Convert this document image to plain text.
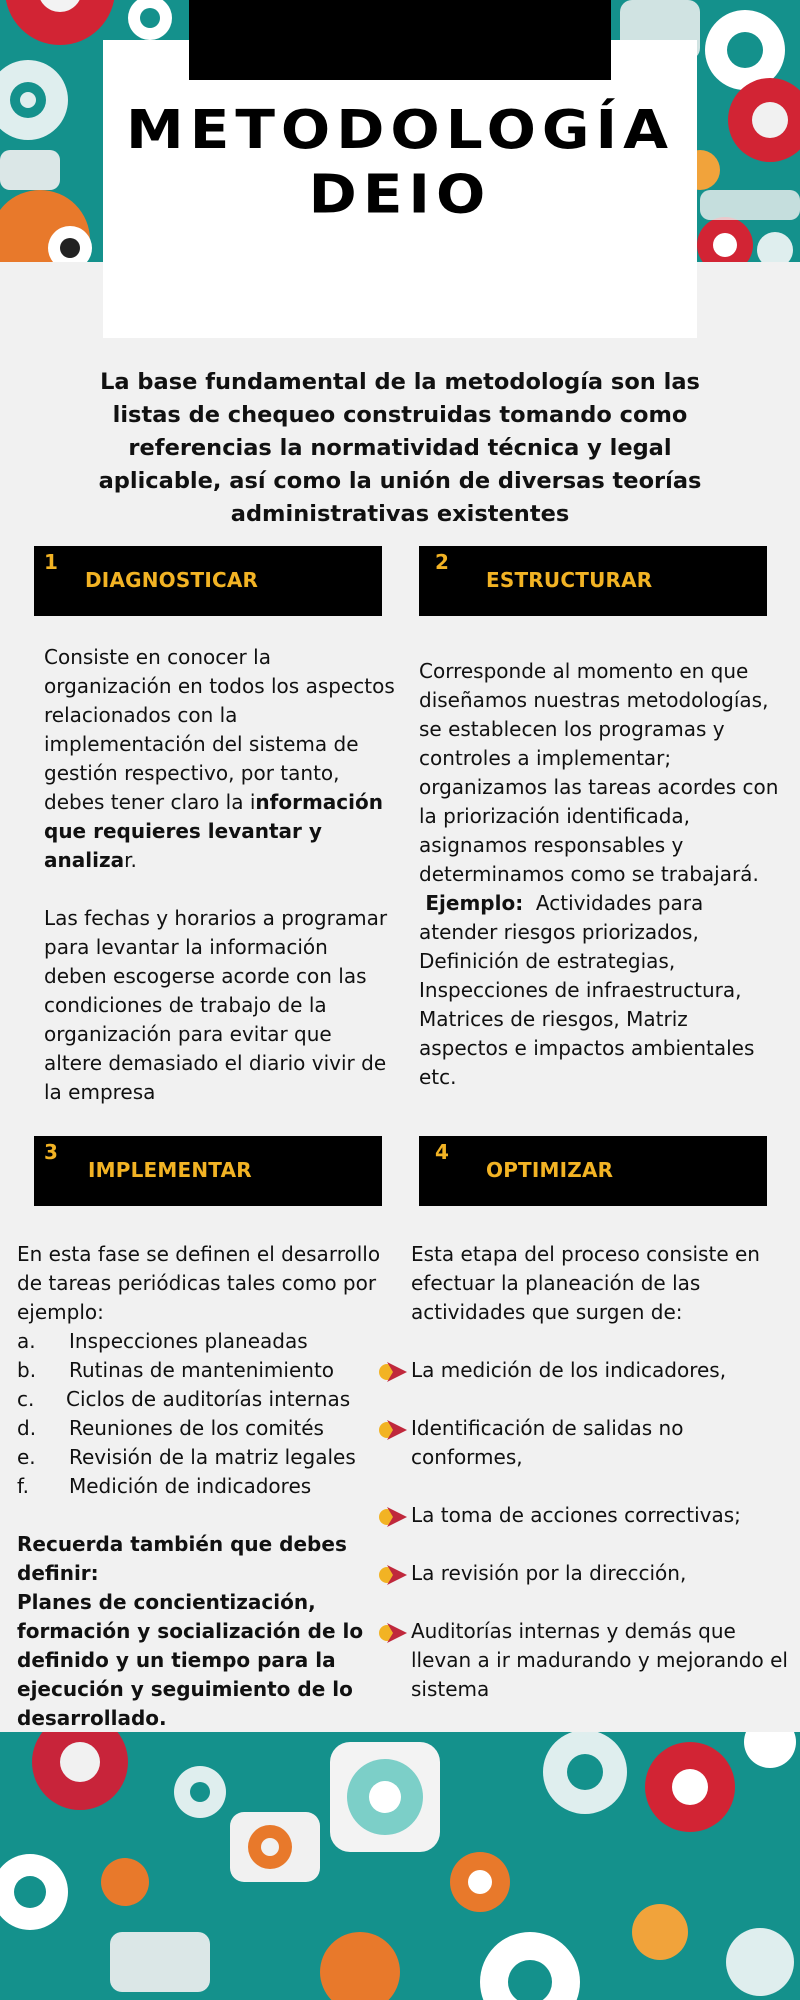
METODOLOGÍA
DEIO
La base fundamental de la metodología son las listas de chequeo construidas tomando como referencias la normatividad técnica y legal aplicable, así como la unión de diversas teorías administrativas existentes
1
DIAGNOSTICAR

Consiste en conocer la organización en todos los aspectos relacionados con la implementación del sistema de gestión respectivo, por tanto, debes tener claro la información que requieres levantar y analizar.

Las fechas y horarios a programar para levantar la información deben escogerse acorde con las condiciones de trabajo de la organización para evitar que altere demasiado el diario vivir de la empresa

2
ESTRUCTURAR

Corresponde al momento en que diseñamos nuestras metodologías, se establecen los programas y controles a implementar; organizamos las tareas acordes con la priorización identificada, asignamos responsables y determinamos como se trabajará.
Ejemplo: Actividades para atender riesgos priorizados, Definición de estrategias, Inspecciones de infraestructura, Matrices de riesgos, Matriz aspectos e impactos ambientales etc.

3
IMPLEMENTAR

En esta fase se definen el desarrollo de tareas periódicas tales como por ejemplo:

a.	Inspecciones planeadas
b.	Rutinas de mantenimiento
c.	Ciclos de auditorías internas
d.	Reuniones de los comités
e.	Revisión de la matriz legales
f.	Medición de indicadores

Recuerda también que debes definir:

Planes de concientización, formación y socialización de lo definido y un tiempo para la ejecución y seguimiento de lo desarrollado.

4
OPTIMIZAR

Esta etapa del proceso consiste en efectuar la planeación de las actividades que surgen de:

La medición de los indicadores,
Identificación de salidas no conformes,
La toma de acciones correctivas;
La revisión por la dirección,
Auditorías internas y demás que llevan a ir madurando y mejorando el sistema
